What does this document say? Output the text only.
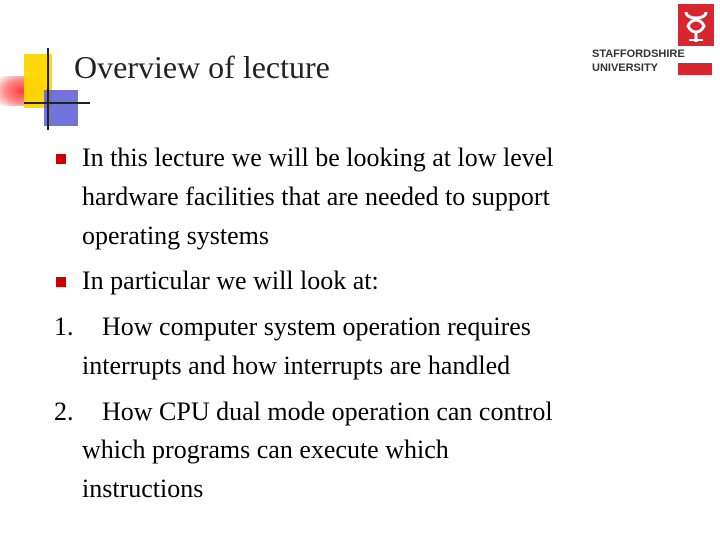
Overview of lecture	STAFFORDSHIRE
UNIVERSITY
In this lecture we will be looking at low level
hardware facilities that are needed to support
operating systems
In particular we will look at:
1. How computer system operation requires
interrupts and how interrupts are handled
2. How CPU dual mode operation can control
which programs can execute which
instructions
